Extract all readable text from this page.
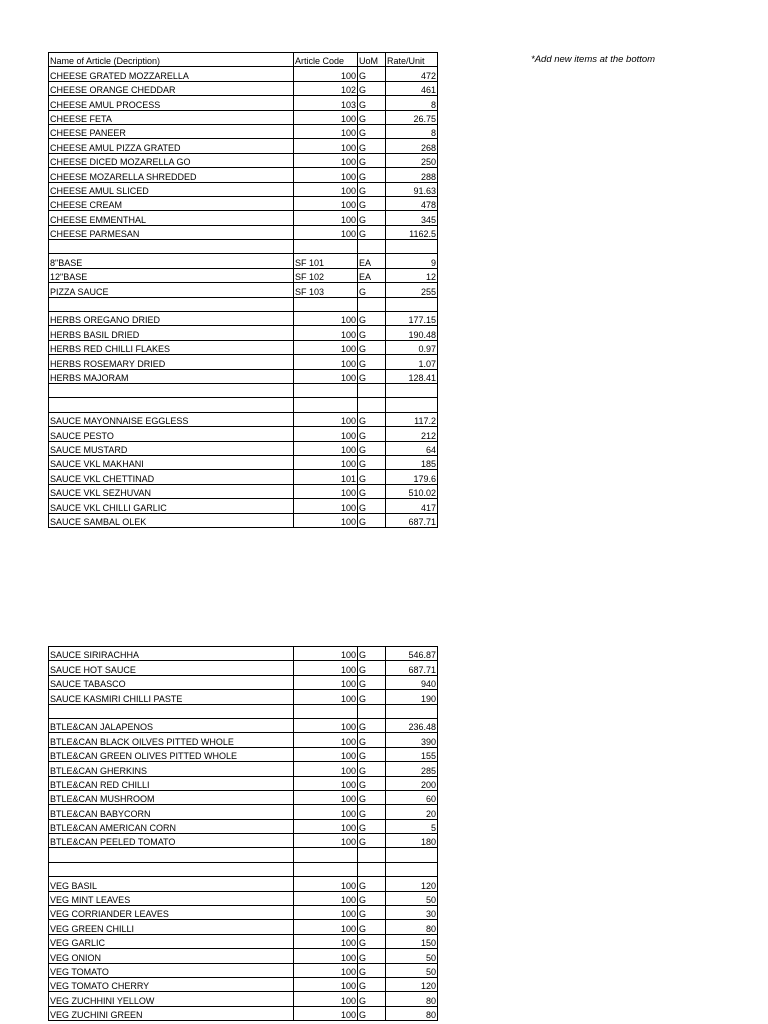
*Add new items at the bottom
Name of Article (Decription)	Article Code	UoM	Rate/Unit
CHEESE GRATED MOZZARELLA	100	G	472
CHEESE ORANGE CHEDDAR	102	G	461
CHEESE AMUL PROCESS	103	G	8
CHEESE FETA	100	G	26.75
CHEESE PANEER	100	G	8
CHEESE AMUL PIZZA GRATED	100	G	268
CHEESE DICED MOZARELLA GO	100	G	250
CHEESE MOZARELLA SHREDDED	100	G	288
CHEESE AMUL SLICED	100	G	91.63
CHEESE CREAM	100	G	478
CHEESE EMMENTHAL	100	G	345
CHEESE PARMESAN	100	G	1162.5

8"BASE	SF 101	EA	9
12"BASE	SF 102	EA	12
PIZZA SAUCE	SF 103	G	255

HERBS OREGANO DRIED	100	G	177.15
HERBS BASIL DRIED	100	G	190.48
HERBS RED CHILLI FLAKES	100	G	0.97
HERBS ROSEMARY DRIED	100	G	1.07
HERBS MAJORAM	100	G	128.41

SAUCE MAYONNAISE EGGLESS	100	G	117.2
SAUCE PESTO	100	G	212
SAUCE MUSTARD	100	G	64
SAUCE VKL MAKHANI	100	G	185
SAUCE VKL CHETTINAD	101	G	179.6
SAUCE VKL SEZHUVAN	100	G	510.02
SAUCE VKL CHILLI GARLIC	100	G	417
SAUCE SAMBAL OLEK	100	G	687.71
SAUCE SIRIRACHHA	100	G	546.87
SAUCE HOT SAUCE	100	G	687.71
SAUCE TABASCO	100	G	940
SAUCE KASMIRI CHILLI PASTE	100	G	190

BTLE&CAN JALAPENOS	100	G	236.48
BTLE&CAN BLACK OILVES PITTED WHOLE	100	G	390
BTLE&CAN GREEN OLIVES PITTED WHOLE	100	G	155
BTLE&CAN GHERKINS	100	G	285
BTLE&CAN RED CHILLI	100	G	200
BTLE&CAN MUSHROOM	100	G	60
BTLE&CAN BABYCORN	100	G	20
BTLE&CAN AMERICAN CORN	100	G	5
BTLE&CAN PEELED TOMATO	100	G	180

VEG BASIL	100	G	120
VEG MINT LEAVES	100	G	50
VEG CORRIANDER LEAVES	100	G	30
VEG GREEN CHILLI	100	G	80
VEG GARLIC	100	G	150
VEG ONION	100	G	50
VEG TOMATO	100	G	50
VEG TOMATO CHERRY	100	G	120
VEG ZUCHHINI YELLOW	100	G	80
VEG ZUCHINI GREEN	100	G	80
